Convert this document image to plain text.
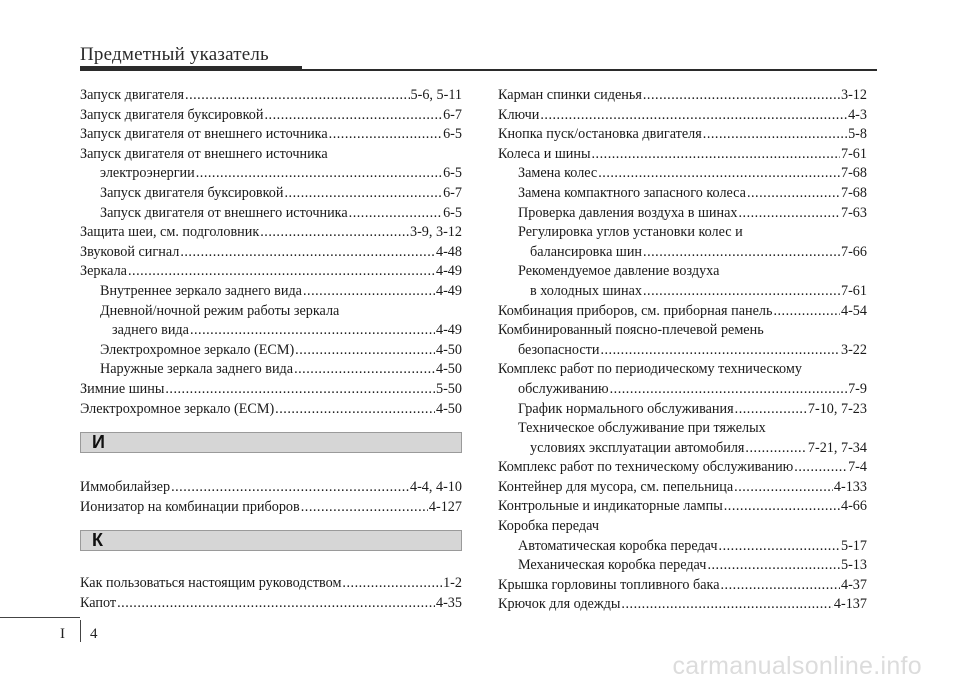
Предметный указатель
Запуск двигателя .....	5-6, 5-11
Запуск двигателя буксировкой .....	6-7
Запуск двигателя от внешнего источника .....	6-5
Запуск двигателя от внешнего источника
электроэнергии .....	6-5
Запуск двигателя буксировкой .....	6-7
Запуск двигателя от внешнего источника .....	6-5
Защита шеи, см. подголовник .....	3-9, 3-12
Звуковой сигнал .....	4-48
Зеркала .....	4-49
Внутреннее зеркало заднего вида .....	4-49
Дневной/ночной режим работы зеркала
заднего вида .....	4-49
Электрохромное зеркало (ECM) .....	4-50
Наружные зеркала заднего вида .....	4-50
Зимние шины .....	5-50
Электрохромное зеркало (ECM) .....	4-50
И
Иммобилайзер .....	4-4, 4-10
Ионизатор на комбинации приборов .....	4-127
К
Как пользоваться настоящим руководством .....	1-2
Капот .....	4-35
Карман спинки сиденья .....	3-12
Ключи .....	4-3
Кнопка пуск/остановка двигателя .....	5-8
Колеса и шины .....	7-61
Замена колес .....	7-68
Замена компактного запасного колеса .....	7-68
Проверка давления воздуха в шинах .....	7-63
Регулировка углов установки колес и
балансировка шин .....	7-66
Рекомендуемое давление воздуха
в холодных шинах .....	7-61
Комбинация приборов, см. приборная панель .....	4-54
Комбинированный поясно-плечевой ремень
безопасности .....	3-22
Комплекс работ по периодическому техническому
обслуживанию .....	7-9
График нормального обслуживания .....	7-10, 7-23
Техническое обслуживание при тяжелых
условиях эксплуатации автомобиля .....	7-21, 7-34
Комплекс работ по техническому обслуживанию .....	7-4
Контейнер для мусора, см. пепельница .....	4-133
Контрольные и индикаторные лампы .....	4-66
Коробка передач
Автоматическая коробка передач .....	5-17
Механическая коробка передач .....	5-13
Крышка горловины топливного бака .....	4-37
Крючок для одежды .....	4-137
I 4
carmanualsonline.info
